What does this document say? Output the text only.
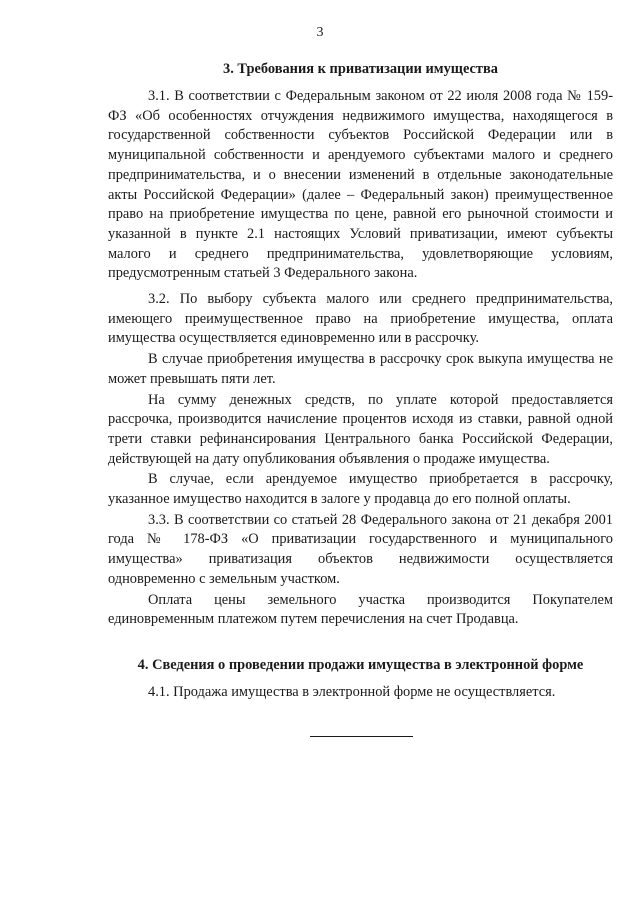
3
3. Требования к приватизации имущества

3.1. В соответствии с Федеральным законом от 22 июля 2008 года № 159-ФЗ «Об особенностях отчуждения недвижимого имущества, находящегося в государственной собственности субъектов Российской Федерации или в муниципальной собственности и арендуемого субъектами малого и среднего предпринимательства, и о внесении изменений в отдельные законодательные акты Российской Федерации» (далее – Федеральный закон) преимущественное право на приобретение имущества по цене, равной его рыночной стоимости и указанной в пункте 2.1 настоящих Условий приватизации, имеют субъекты малого и среднего предпринимательства, удовлетворяющие условиям, предусмотренным статьей 3 Федерального закона.

3.2. По выбору субъекта малого или среднего предпринимательства, имеющего преимущественное право на приобретение имущества, оплата имущества осуществляется единовременно или в рассрочку.

В случае приобретения имущества в рассрочку срок выкупа имущества не может превышать пяти лет.

На сумму денежных средств, по уплате которой предоставляется рассрочка, производится начисление процентов исходя из ставки, равной одной трети ставки рефинансирования Центрального банка Российской Федерации, действующей на дату опубликования объявления о продаже имущества.

В случае, если арендуемое имущество приобретается в рассрочку, указанное имущество находится в залоге у продавца до его полной оплаты.

3.3. В соответствии со статьей 28 Федерального закона от 21 декабря 2001 года № 178-ФЗ «О приватизации государственного и муниципального имущества» приватизация объектов недвижимости осуществляется одновременно с земельным участком.

Оплата цены земельного участка производится Покупателем единовременным платежом путем перечисления на счет Продавца.

4. Сведения о проведении продажи имущества в электронной форме

4.1. Продажа имущества в электронной форме не осуществляется.
